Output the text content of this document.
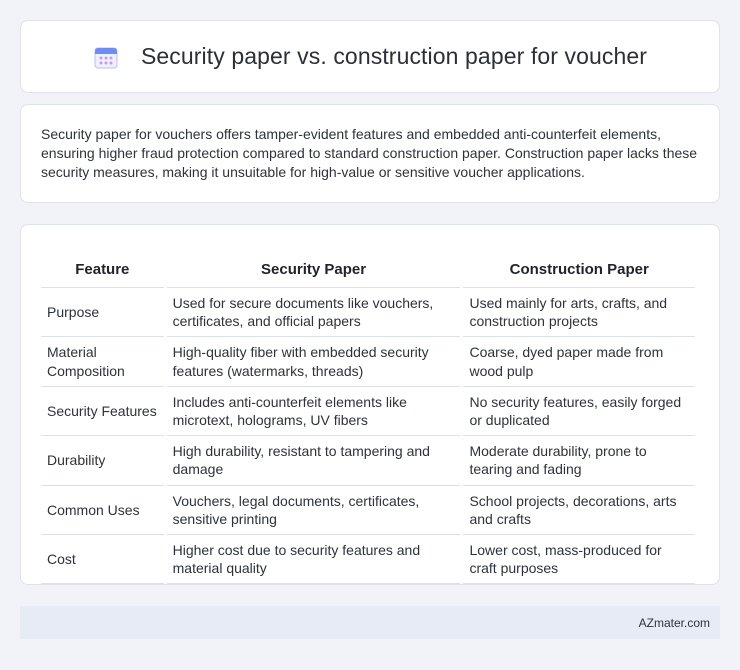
Security paper vs. construction paper for voucher

Security paper for vouchers offers tamper-evident features and embedded anti-counterfeit elements, ensuring higher fraud protection compared to standard construction paper. Construction paper lacks these security measures, making it unsuitable for high-value or sensitive voucher applications.

Feature	Security Paper	Construction Paper
Purpose	Used for secure documents like vouchers, certificates, and official papers	Used mainly for arts, crafts, and construction projects
Material Composition	High-quality fiber with embedded security features (watermarks, threads)	Coarse, dyed paper made from wood pulp
Security Features	Includes anti-counterfeit elements like microtext, holograms, UV fibers	No security features, easily forged or duplicated
Durability	High durability, resistant to tampering and damage	Moderate durability, prone to tearing and fading
Common Uses	Vouchers, legal documents, certificates, sensitive printing	School projects, decorations, arts and crafts
Cost	Higher cost due to security features and material quality	Lower cost, mass-produced for craft purposes
AZmater.com
